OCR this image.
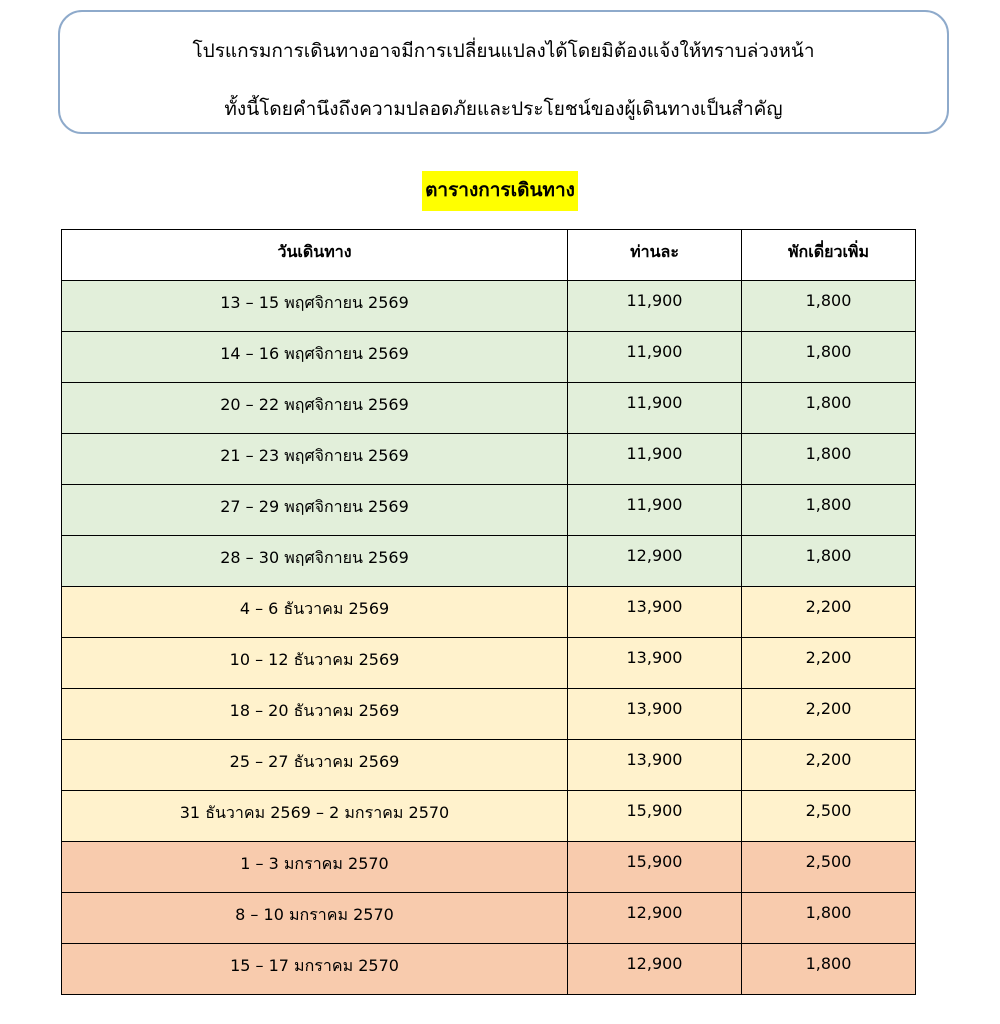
โปรแกรมการเดินทางอาจมีการเปลี่ยนแปลงได้โดยมิต้องแจ้งให้ทราบล่วงหน้า
ทั้งนี้โดยคำนึงถึงความปลอดภัยและประโยชน์ของผู้เดินทางเป็นสำคัญ
ตารางการเดินทาง
วันเดินทาง	ท่านละ	พักเดี่ยวเพิ่ม
13 – 15 พฤศจิกายน 2569	11,900	1,800
14 – 16 พฤศจิกายน 2569	11,900	1,800
20 – 22 พฤศจิกายน 2569	11,900	1,800
21 – 23 พฤศจิกายน 2569	11,900	1,800
27 – 29 พฤศจิกายน 2569	11,900	1,800
28 – 30 พฤศจิกายน 2569	12,900	1,800
4 – 6 ธันวาคม 2569	13,900	2,200
10 – 12 ธันวาคม 2569	13,900	2,200
18 – 20 ธันวาคม 2569	13,900	2,200
25 – 27 ธันวาคม 2569	13,900	2,200
31 ธันวาคม 2569 – 2 มกราคม 2570	15,900	2,500
1 – 3 มกราคม 2570	15,900	2,500
8 – 10 มกราคม 2570	12,900	1,800
15 – 17 มกราคม 2570	12,900	1,800
